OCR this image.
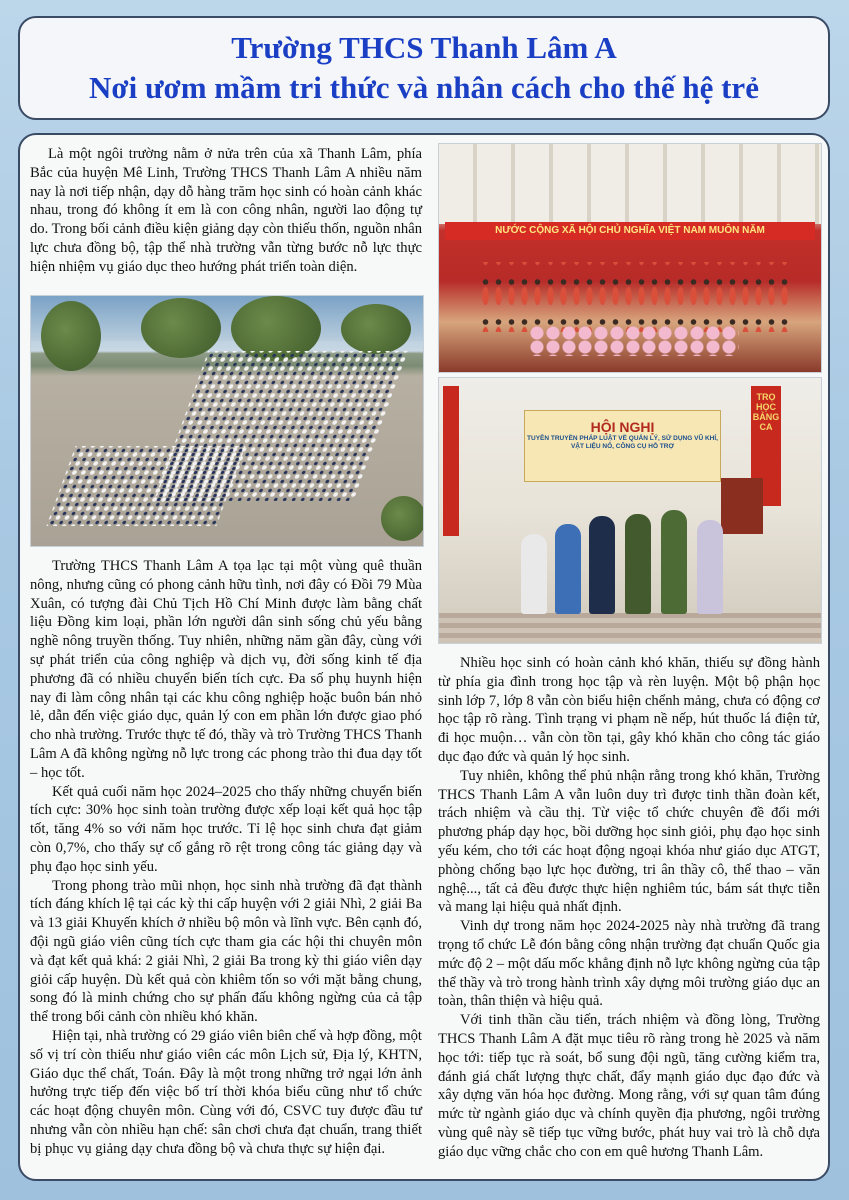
Trường THCS Thanh Lâm A
Nơi ươm mầm tri thức và nhân cách cho thế hệ trẻ

Là một ngôi trường nằm ở nửa trên của xã Thanh Lâm, phía Bắc của huyện Mê Linh, Trường THCS Thanh Lâm A nhiều năm nay là nơi tiếp nhận, dạy dỗ hàng trăm học sinh có hoàn cảnh khác nhau, trong đó không ít em là con công nhân, người lao động tự do. Trong bối cảnh điều kiện giảng dạy còn thiếu thốn, nguồn nhân lực chưa đồng bộ, tập thể nhà trường vẫn từng bước nỗ lực thực hiện nhiệm vụ giáo dục theo hướng phát triển toàn diện.

NƯỚC CỘNG XÃ HỘI CHỦ NGHĨA VIỆT NAM MUÔN NĂM
HỘI NGHỊ
TUYÊN TRUYỀN PHÁP LUẬT VỀ QUẢN LÝ, SỬ DỤNG VŨ KHÍ, VẬT LIỆU NỔ, CÔNG CỤ HỖ TRỢ
TRỌ HỌC BẢNG CA

Trường THCS Thanh Lâm A tọa lạc tại một vùng quê thuần nông, nhưng cũng có phong cảnh hữu tình, nơi đây có Đồi 79 Mùa Xuân, có tượng đài Chủ Tịch Hồ Chí Minh được làm bằng chất liệu Đồng kim loại, phần lớn người dân sinh sống chủ yếu bằng nghề nông truyền thống. Tuy nhiên, những năm gần đây, cùng với sự phát triển của công nghiệp và dịch vụ, đời sống kinh tế địa phương đã có nhiều chuyển biến tích cực. Đa số phụ huynh hiện nay đi làm công nhân tại các khu công nghiệp hoặc buôn bán nhỏ lẻ, dẫn đến việc giáo dục, quản lý con em phần lớn được giao phó cho nhà trường. Trước thực tế đó, thầy và trò Trường THCS Thanh Lâm A đã không ngừng nỗ lực trong các phong trào thi đua dạy tốt – học tốt.

Kết quả cuối năm học 2024–2025 cho thấy những chuyển biến tích cực: 30% học sinh toàn trường được xếp loại kết quả học tập tốt, tăng 4% so với năm học trước. Tỉ lệ học sinh chưa đạt giảm còn 0,7%, cho thấy sự cố gắng rõ rệt trong công tác giảng dạy và phụ đạo học sinh yếu.

Trong phong trào mũi nhọn, học sinh nhà trường đã đạt thành tích đáng khích lệ tại các kỳ thi cấp huyện với 2 giải Nhì, 2 giải Ba và 13 giải Khuyến khích ở nhiều bộ môn và lĩnh vực. Bên cạnh đó, đội ngũ giáo viên cũng tích cực tham gia các hội thi chuyên môn và đạt kết quả khá: 2 giải Nhì, 2 giải Ba trong kỳ thi giáo viên dạy giỏi cấp huyện. Dù kết quả còn khiêm tốn so với mặt bằng chung, song đó là minh chứng cho sự phấn đấu không ngừng của cả tập thể trong bối cảnh còn nhiều khó khăn.

Hiện tại, nhà trường có 29 giáo viên biên chế và hợp đồng, một số vị trí còn thiếu như giáo viên các môn Lịch sử, Địa lý, KHTN, Giáo dục thể chất, Toán. Đây là một trong những trở ngại lớn ảnh hưởng trực tiếp đến việc bố trí thời khóa biểu cũng như tổ chức các hoạt động chuyên môn. Cùng với đó, CSVC tuy được đầu tư nhưng vẫn còn nhiều hạn chế: sân chơi chưa đạt chuẩn, trang thiết bị phục vụ giảng dạy chưa đồng bộ và chưa thực sự hiện đại.

Nhiều học sinh có hoàn cảnh khó khăn, thiếu sự đồng hành từ phía gia đình trong học tập và rèn luyện. Một bộ phận học sinh lớp 7, lớp 8 vẫn còn biểu hiện chểnh mảng, chưa có động cơ học tập rõ ràng. Tình trạng vi phạm nề nếp, hút thuốc lá điện tử, đi học muộn… vẫn còn tồn tại, gây khó khăn cho công tác giáo dục đạo đức và quản lý học sinh.

Tuy nhiên, không thể phủ nhận rằng trong khó khăn, Trường THCS Thanh Lâm A vẫn luôn duy trì được tinh thần đoàn kết, trách nhiệm và cầu thị. Từ việc tổ chức chuyên đề đổi mới phương pháp dạy học, bồi dưỡng học sinh giỏi, phụ đạo học sinh yếu kém, cho tới các hoạt động ngoại khóa như giáo dục ATGT, phòng chống bạo lực học đường, tri ân thầy cô, thể thao – văn nghệ..., tất cả đều được thực hiện nghiêm túc, bám sát thực tiễn và mang lại hiệu quả nhất định.

Vinh dự trong năm học 2024-2025 này nhà trường đã trang trọng tổ chức Lễ đón bằng công nhận trường đạt chuẩn Quốc gia mức độ 2 – một dấu mốc khẳng định nỗ lực không ngừng của tập thể thầy và trò trong hành trình xây dựng môi trường giáo dục an toàn, thân thiện và hiệu quả.

Với tinh thần cầu tiến, trách nhiệm và đồng lòng, Trường THCS Thanh Lâm A đặt mục tiêu rõ ràng trong hè 2025 và năm học tới: tiếp tục rà soát, bổ sung đội ngũ, tăng cường kiểm tra, đánh giá chất lượng thực chất, đẩy mạnh giáo dục đạo đức và xây dựng văn hóa học đường. Mong rằng, với sự quan tâm đúng mức từ ngành giáo dục và chính quyền địa phương, ngôi trường vùng quê này sẽ tiếp tục vững bước, phát huy vai trò là chỗ dựa giáo dục vững chắc cho con em quê hương Thanh Lâm.
